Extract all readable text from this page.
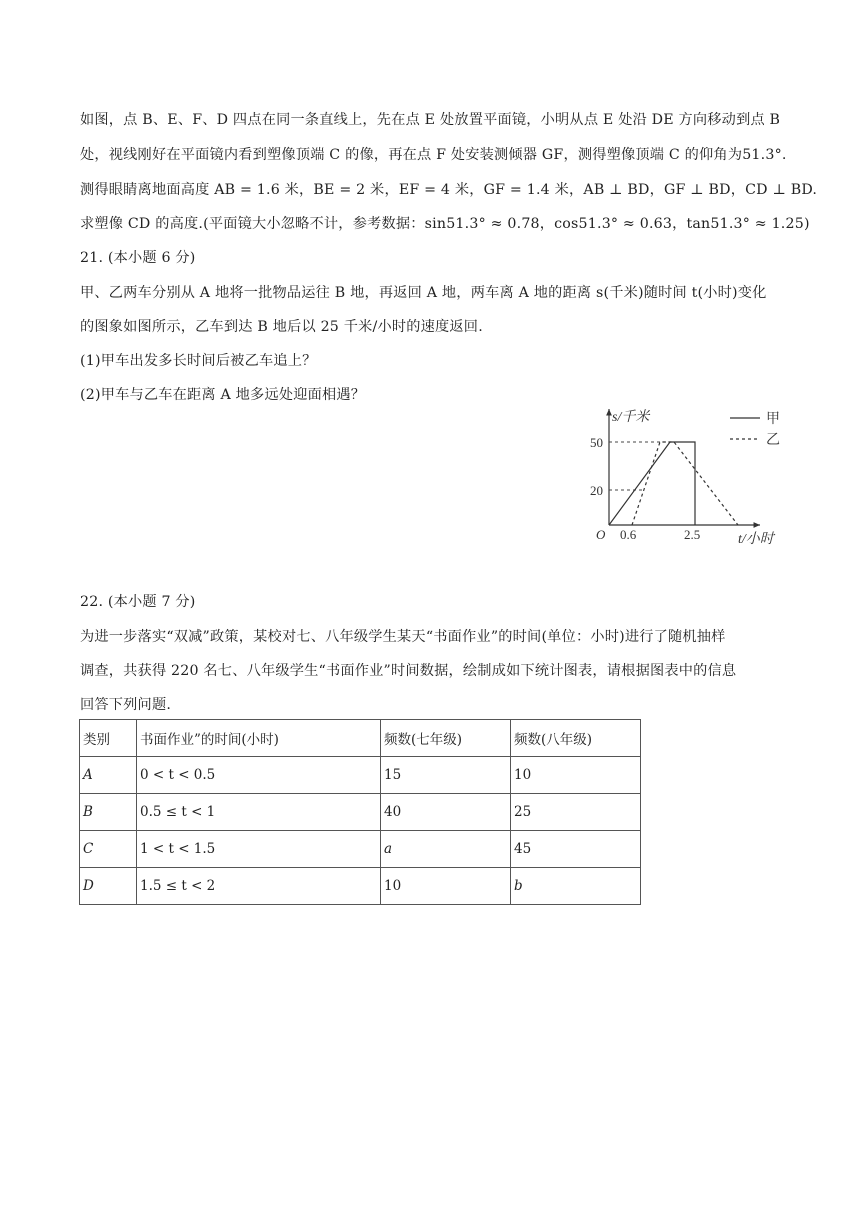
如图，点 B、E、F、D 四点在同一条直线上，先在点 E 处放置平面镜，小明从点 E 处沿 DE 方向移动到点 B
处，视线刚好在平面镜内看到塑像顶端 C 的像，再在点 F 处安装测倾器 GF，测得塑像顶端 C 的仰角为51.3°.
测得眼睛离地面高度 AB = 1.6 米，BE = 2 米，EF = 4 米，GF = 1.4 米，AB ⊥ BD，GF ⊥ BD，CD ⊥ BD.
求塑像 CD 的高度.(平面镜大小忽略不计，参考数据：sin51.3° ≈ 0.78，cos51.3° ≈ 0.63，tan51.3° ≈ 1.25)
21. (本小题 6 分)
甲、乙两车分别从 A 地将一批物品运往 B 地，再返回 A 地，两车离 A 地的距离 s(千米)随时间 t(小时)变化
的图象如图所示，乙车到达 B 地后以 25 千米/小时的速度返回.
(1)甲车出发多长时间后被乙车追上？
(2)甲车与乙车在距离 A 地多远处迎面相遇？
s/千米
50
20
O 0.6	2.5	t/小时
甲
乙
22. (本小题 7 分)
为进一步落实“双减”政策，某校对七、八年级学生某天“书面作业”的时间(单位：小时)进行了随机抽样
调查，共获得 220 名七、八年级学生“书面作业”时间数据，绘制成如下统计图表，请根据图表中的信息
回答下列问题.
类别	书面作业”的时间(小时)	频数(七年级)	频数(八年级)
A	0 < t < 0.5	15	10
B	0.5 ≤ t < 1	40	25
C	1 < t < 1.5	a	45
D	1.5 ≤ t < 2	10	b
